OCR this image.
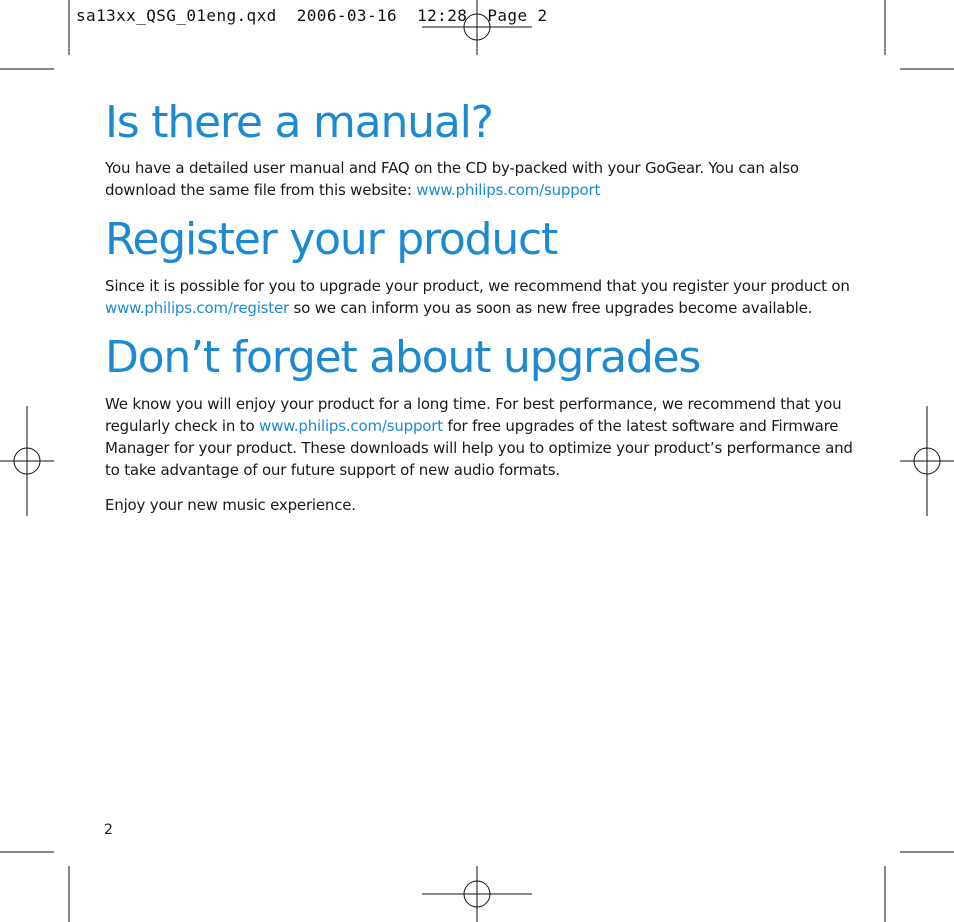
sa13xx_QSG_01eng.qxd  2006-03-16  12:28  Page 2
Is there a manual?

You have a detailed user manual and FAQ on the CD by-packed with your GoGear. You can also download the same file from this website: www.philips.com/support

Register your product

Since it is possible for you to upgrade your product, we recommend that you register your product on www.philips.com/register so we can inform you as soon as new free upgrades become available.

Don’t forget about upgrades

We know you will enjoy your product for a long time. For best performance, we recommend that you regularly check in to www.philips.com/support for free upgrades of the latest software and Firmware Manager for your product. These downloads will help you to optimize your product’s performance and to take advantage of our future support of new audio formats.

Enjoy your new music experience.

2
